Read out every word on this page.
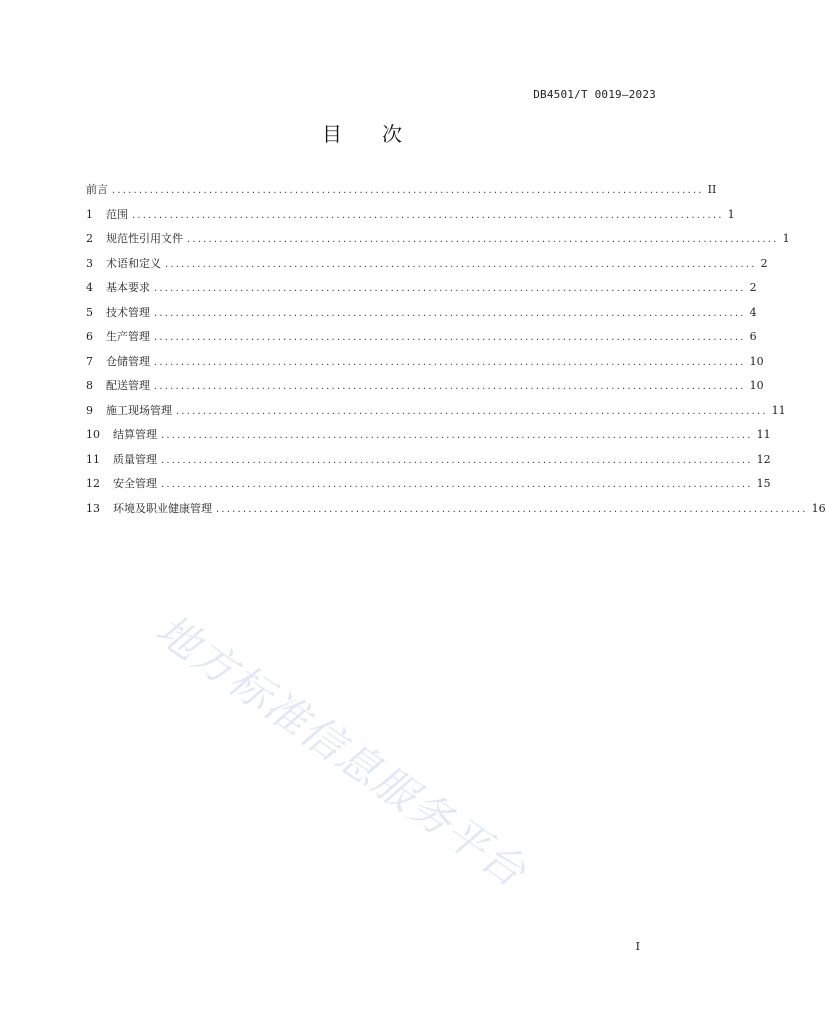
DB4501/T 0019—2023
目 次
前言 .............................................................................................................. II
1	范围 .............................................................................................................. 1
2	规范性引用文件 .............................................................................................................. 1
3	术语和定义 .............................................................................................................. 2
4	基本要求 .............................................................................................................. 2
5	技术管理 .............................................................................................................. 4
6	生产管理 .............................................................................................................. 6
7	仓储管理 .............................................................................................................. 10
8	配送管理 .............................................................................................................. 10
9	施工现场管理 .............................................................................................................. 11
10	结算管理 .............................................................................................................. 11
11	质量管理 .............................................................................................................. 12
12	安全管理 .............................................................................................................. 15
13	环境及职业健康管理 .............................................................................................................. 16
地方标准信息服务平台
I
